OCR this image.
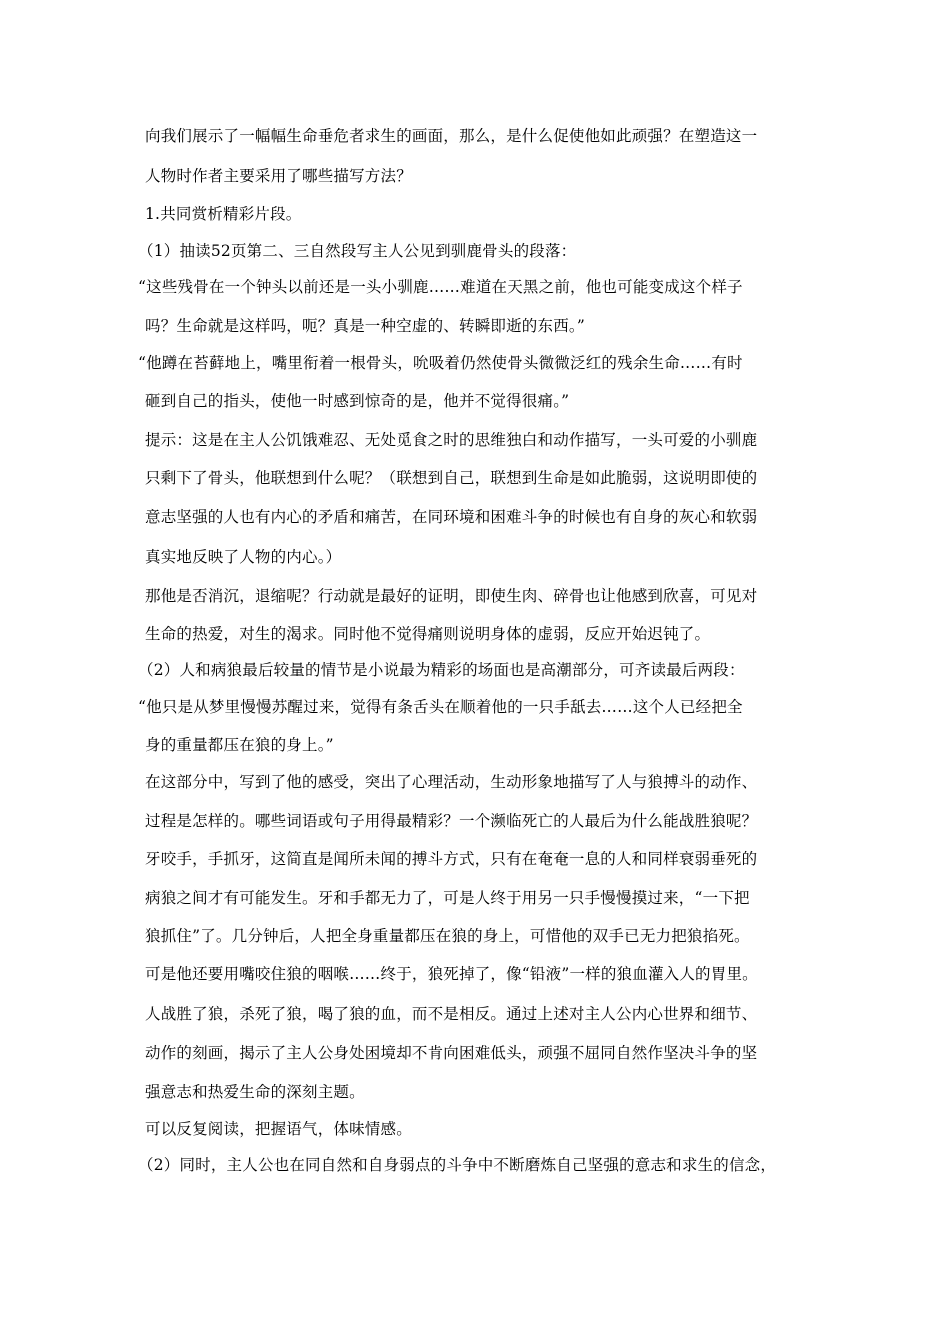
向我们展示了一幅幅生命垂危者求生的画面，那么，是什么促使他如此顽强？在塑造这一
人物时作者主要采用了哪些描写方法？
1.共同赏析精彩片段。
（1）抽读52页第二、三自然段写主人公见到驯鹿骨头的段落：
“这些残骨在一个钟头以前还是一头小驯鹿……难道在天黑之前，他也可能变成这个样子
吗？生命就是这样吗，呃？真是一种空虚的、转瞬即逝的东西。”
“他蹲在苔藓地上，嘴里衔着一根骨头，吮吸着仍然使骨头微微泛红的残余生命……有时
砸到自己的指头，使他一时感到惊奇的是，他并不觉得很痛。”
提示：这是在主人公饥饿难忍、无处觅食之时的思维独白和动作描写，一头可爱的小驯鹿
只剩下了骨头，他联想到什么呢？（联想到自己，联想到生命是如此脆弱，这说明即使的
意志坚强的人也有内心的矛盾和痛苦，在同环境和困难斗争的时候也有自身的灰心和软弱
真实地反映了人物的内心。）
那他是否消沉，退缩呢？行动就是最好的证明，即使生肉、碎骨也让他感到欣喜，可见对
生命的热爱，对生的渴求。同时他不觉得痛则说明身体的虚弱，反应开始迟钝了。
（2）人和病狼最后较量的情节是小说最为精彩的场面也是高潮部分，可齐读最后两段：
“他只是从梦里慢慢苏醒过来，觉得有条舌头在顺着他的一只手舐去……这个人已经把全
身的重量都压在狼的身上。”
在这部分中，写到了他的感受，突出了心理活动，生动形象地描写了人与狼搏斗的动作、
过程是怎样的。哪些词语或句子用得最精彩？一个濒临死亡的人最后为什么能战胜狼呢？
牙咬手，手抓牙，这简直是闻所未闻的搏斗方式，只有在奄奄一息的人和同样衰弱垂死的
病狼之间才有可能发生。牙和手都无力了，可是人终于用另一只手慢慢摸过来，“一下把
狼抓住”了。几分钟后，人把全身重量都压在狼的身上，可惜他的双手已无力把狼掐死。
可是他还要用嘴咬住狼的咽喉……终于，狼死掉了，像“铅液”一样的狼血灌入人的胃里。
人战胜了狼，杀死了狼，喝了狼的血，而不是相反。通过上述对主人公内心世界和细节、
动作的刻画，揭示了主人公身处困境却不肯向困难低头，顽强不屈同自然作坚决斗争的坚
强意志和热爱生命的深刻主题。
可以反复阅读，把握语气，体味情感。
（2）同时，主人公也在同自然和自身弱点的斗争中不断磨炼自己坚强的意志和求生的信念，
